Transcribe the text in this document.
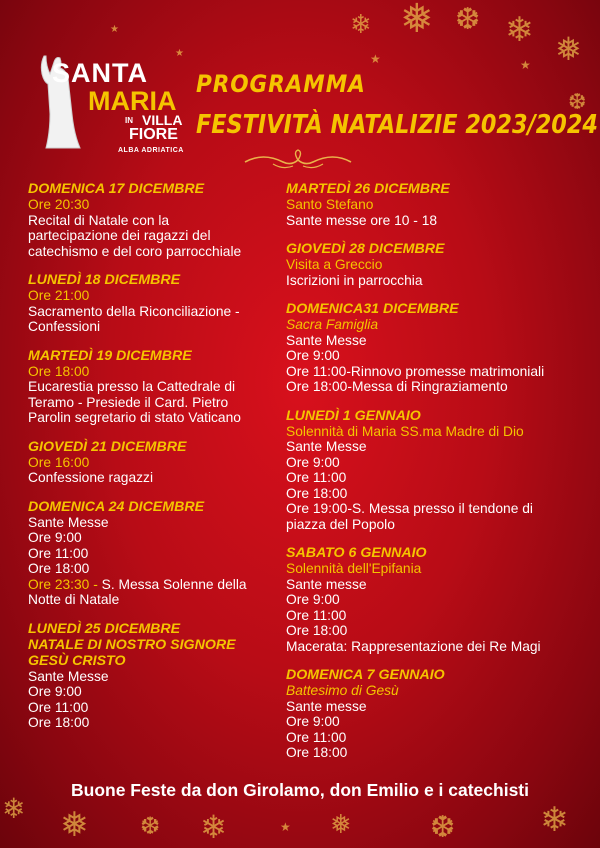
❄ ❅ ❆ ❄ ❅
★	★
❆
★
★
❄ ❅ ❆ ❄	❅	❆ ❄
★
SANTA
MARIA
IN VILLA
FIORE
ALBA ADRIATICA
PROGRAMMA
FESTIVITÀ NATALIZIE 2023/2024
DOMENICA 17 DICEMBRE
Ore 20:30
Recital di Natale con la
partecipazione dei ragazzi del
catechismo e del coro parrocchiale
LUNEDÌ 18 DICEMBRE
Ore 21:00
Sacramento della Riconciliazione -
Confessioni
MARTEDÌ 19 DICEMBRE
Ore 18:00
Eucarestia presso la Cattedrale di
Teramo - Presiede il Card. Pietro
Parolin segretario di stato Vaticano
GIOVEDÌ 21 DICEMBRE
Ore 16:00
Confessione ragazzi
DOMENICA 24 DICEMBRE
Sante Messe
Ore 9:00
Ore 11:00
Ore 18:00
Ore 23:30 - S. Messa Solenne della
Notte di Natale
LUNEDÌ 25 DICEMBRE
NATALE DI NOSTRO SIGNORE
GESÙ CRISTO
Sante Messe
Ore 9:00
Ore 11:00
Ore 18:00
MARTEDÌ 26 DICEMBRE
Santo Stefano
Sante messe ore 10 - 18
GIOVEDÌ 28 DICEMBRE
Visita a Greccio
Iscrizioni in parrocchia
DOMENICA31 DICEMBRE
Sacra Famiglia
Sante Messe
Ore 9:00
Ore 11:00-Rinnovo promesse matrimoniali
Ore 18:00-Messa di Ringraziamento
LUNEDÌ 1 GENNAIO
Solennità di Maria SS.ma Madre di Dio
Sante Messe
Ore 9:00
Ore 11:00
Ore 18:00
Ore 19:00-S. Messa presso il tendone di
piazza del Popolo
SABATO 6 GENNAIO
Solennità dell'Epifania
Sante messe
Ore 9:00
Ore 11:00
Ore 18:00
Macerata: Rappresentazione dei Re Magi
DOMENICA 7 GENNAIO
Battesimo di Gesù
Sante messe
Ore 9:00
Ore 11:00
Ore 18:00
Buone Feste da don Girolamo, don Emilio e i catechisti
